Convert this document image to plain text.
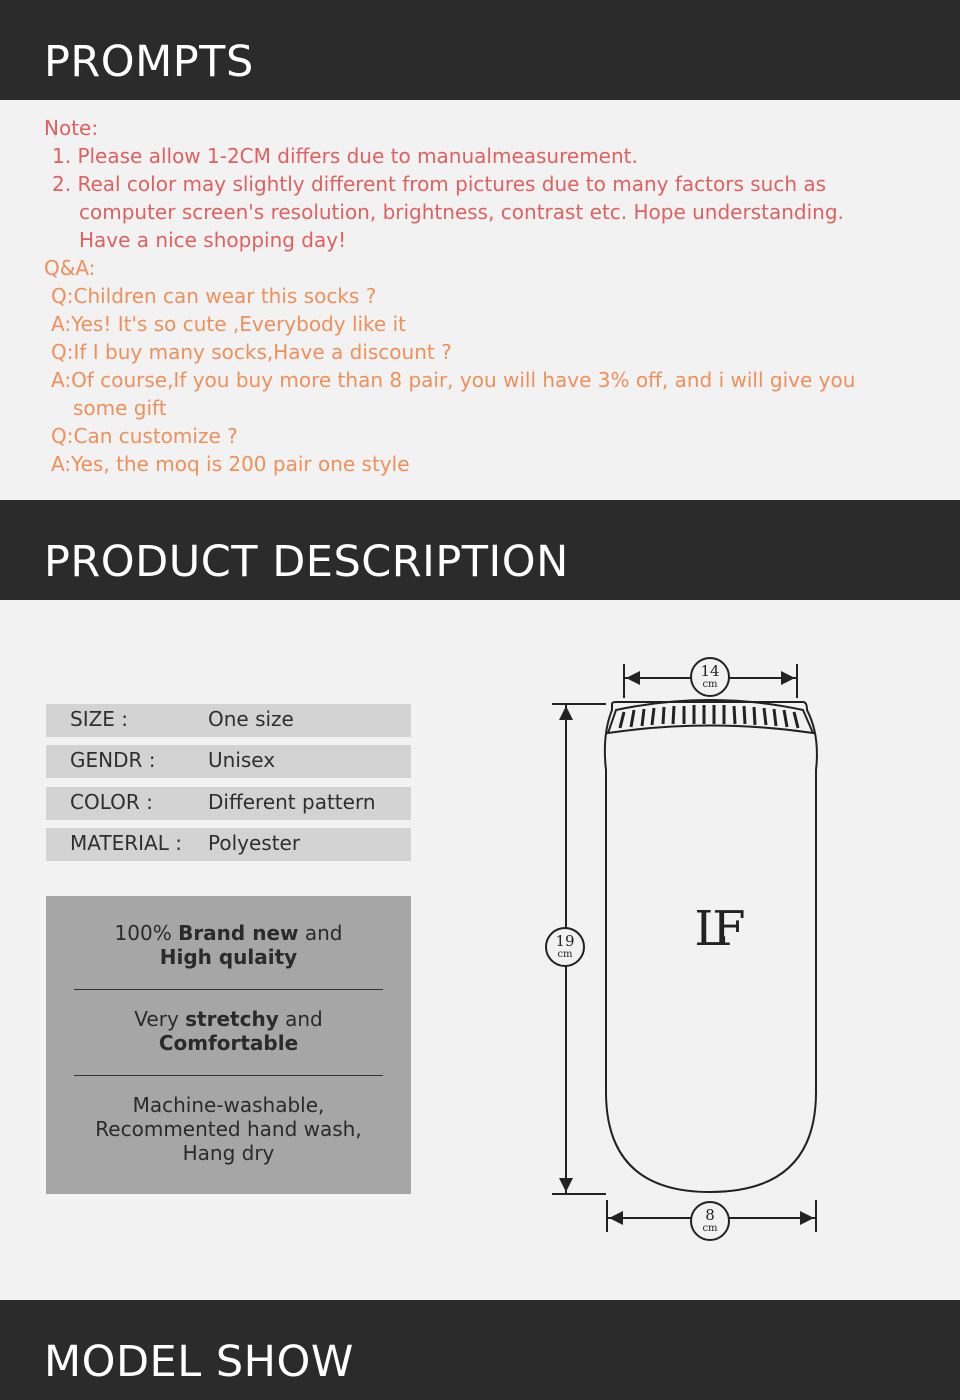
PROMPTS
Note:
1. Please allow 1-2CM differs due to manualmeasurement.
2. Real color may slightly different from pictures due to many factors such as
computer screen's resolution, brightness, contrast etc. Hope understanding.
Have a nice shopping day!
Q&A:
Q:Children can wear this socks ?
A:Yes! It's so cute ,Everybody like it
Q:If I buy many socks,Have a discount ?
A:Of course,If you buy more than 8 pair, you will have 3% off, and i will give you
some gift
Q:Can customize ?
A:Yes, the moq is 200 pair one style
PRODUCT DESCRIPTION
SIZE :	One size
GENDR :	Unisex
COLOR :	Different pattern
MATERIAL : Polyester
100% Brand new and
High qulaity
Very stretchy and
Comfortable
Machine-washable,
Recommented hand wash,
Hang dry
14
cm
19
cm
8
cm
LF
MODEL SHOW
